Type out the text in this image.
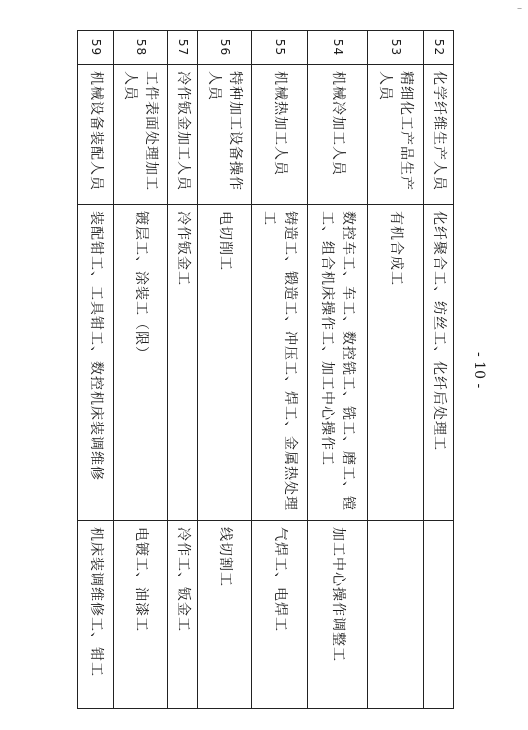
−
52	化学纤维生产人员	化纤聚合工、纺丝工、化纤后处理工	
53	精细化工产品生产人员	有机合成工	
54	机械冷加工人员	数控车工、车工、数控铣工、铣工、磨工、镗工、组合机床操作工、加工中心操作工	加工中心操作调整工
55	机械热加工人员	铸造工、锻造工、冲压工、焊工、金属热处理工	气焊工、电焊工
56	特种加工设备操作人员	电切削工	线切割工
57	冷作钣金加工人员	冷作钣金工	冷作工、钣金工
58	工件表面处理加工人员	镀层工、涂装工（限）	电镀工、油漆工
59	机械设备装配人员	装配钳工、工具钳工、数控机床装调维修	机床装调维修工、钳工
- 10 -
